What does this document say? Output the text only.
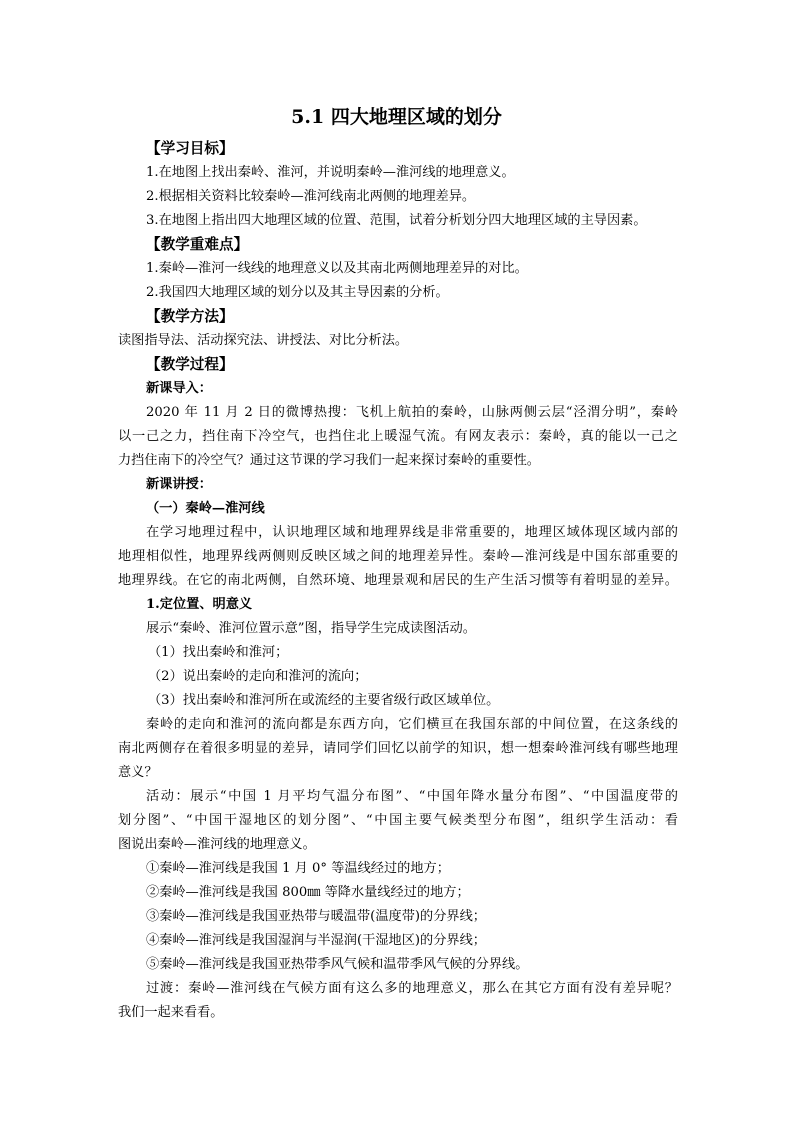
5.1 四大地理区域的划分
【学习目标】
1.在地图上找出秦岭、淮河，并说明秦岭—淮河线的地理意义。
2.根据相关资料比较秦岭—淮河线南北两侧的地理差异。
3.在地图上指出四大地理区域的位置、范围，试着分析划分四大地理区域的主导因素。
【教学重难点】
1.秦岭—淮河一线线的地理意义以及其南北两侧地理差异的对比。
2.我国四大地理区域的划分以及其主导因素的分析。
【教学方法】
读图指导法、活动探究法、讲授法、对比分析法。
【教学过程】
新课导入：
2020 年 11 月 2 日的微博热搜：飞机上航拍的秦岭，山脉两侧云层“泾渭分明”，秦岭
以一己之力，挡住南下冷空气，也挡住北上暖湿气流。有网友表示：秦岭，真的能以一己之
力挡住南下的冷空气？通过这节课的学习我们一起来探讨秦岭的重要性。
新课讲授：
（一）秦岭—淮河线
在学习地理过程中，认识地理区域和地理界线是非常重要的，地理区域体现区域内部的
地理相似性，地理界线两侧则反映区域之间的地理差异性。秦岭—淮河线是中国东部重要的
地理界线。在它的南北两侧，自然环境、地理景观和居民的生产生活习惯等有着明显的差异。
1.定位置、明意义
展示“秦岭、淮河位置示意”图，指导学生完成读图活动。
（1）找出秦岭和淮河；
（2）说出秦岭的走向和淮河的流向；
（3）找出秦岭和淮河所在或流经的主要省级行政区域单位。
秦岭的走向和淮河的流向都是东西方向，它们横亘在我国东部的中间位置，在这条线的
南北两侧存在着很多明显的差异，请同学们回忆以前学的知识，想一想秦岭淮河线有哪些地理
意义？
活动：展示“中国 1 月平均气温分布图”、“中国年降水量分布图”、“中国温度带的
划分图”、“中国干湿地区的划分图”、“中国主要气候类型分布图”，组织学生活动：看
图说出秦岭—淮河线的地理意义。
①秦岭—淮河线是我国 1 月 0° 等温线经过的地方；
②秦岭—淮河线是我国 800㎜ 等降水量线经过的地方；
③秦岭—淮河线是我国亚热带与暖温带(温度带)的分界线；
④秦岭—淮河线是我国湿润与半湿润(干湿地区)的分界线；
⑤秦岭—淮河线是我国亚热带季风气候和温带季风气候的分界线。
过渡：秦岭—淮河线在气候方面有这么多的地理意义，那么在其它方面有没有差异呢？
我们一起来看看。
